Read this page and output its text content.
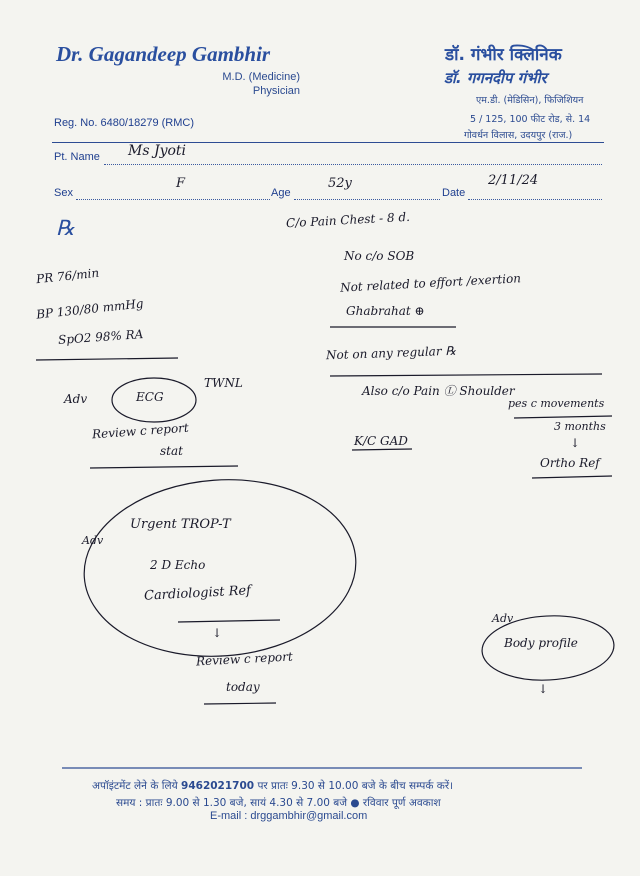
Dr. Gagandeep Gambhir
M.D. (Medicine)
Physician
डॉ. गंभीर क्लिनिक
डॉ. गगनदीप गंभीर
एम.डी. (मेडिसिन), फिजिशियन
5 / 125, 100 फीट रोड, से. 14
गोवर्धन विलास, उदयपुर (राज.)
Reg. No. 6480/18279 (RMC)
Pt. Name Ms Jyoti
Sex
F
Age
52y
Date
2/11/24
℞	C/o Pain Chest - 8 d.
No c/o SOB
Not related to effort /exertion
Ghabrahat ⊕
Not on any regular ℞
Also c/o Pain Ⓛ Shoulder
pes c movements
3 months
↓
Ortho Ref
K/C GAD
PR 76/min
BP 130/80 mmHg
SpO2 98% RA
Adv	ECG
TWNL
Review c report
stat
Adv
Urgent TROP-T
2 D Echo
Cardiologist Ref
↓
Review c report
today
Adv
Body profile
↓
अपॉइंटमेंट लेने के लिये 9462021700 पर प्रातः 9.30 से 10.00 बजे के बीच सम्पर्क करें।
समय : प्रातः 9.00 से 1.30 बजे, सायं 4.30 से 7.00 बजे ● रविवार पूर्ण अवकाश
E-mail : drggambhir@gmail.com
